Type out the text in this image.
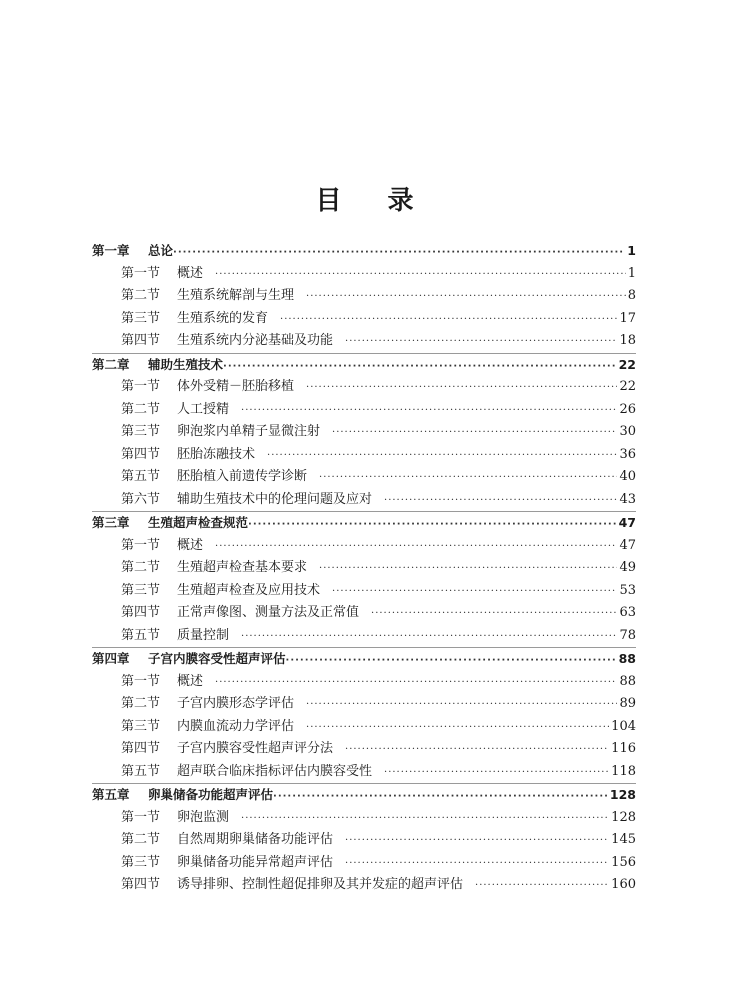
目 录
第一章	总论 ·····	1
第一节	概述 ·····	1
第二节	生殖系统解剖与生理 ·····	8
第三节	生殖系统的发育 ·····	17
第四节	生殖系统内分泌基础及功能 ·····	18
第二章	辅助生殖技术 ·····	22
第一节	体外受精－胚胎移植 ·····	22
第二节	人工授精 ·····	26
第三节	卵泡浆内单精子显微注射 ·····	30
第四节	胚胎冻融技术 ·····	36
第五节	胚胎植入前遗传学诊断 ·····	40
第六节	辅助生殖技术中的伦理问题及应对 ·····	43
第三章	生殖超声检查规范 ·····	47
第一节	概述 ·····	47
第二节	生殖超声检查基本要求 ·····	49
第三节	生殖超声检查及应用技术 ·····	53
第四节	正常声像图、测量方法及正常值 ·····	63
第五节	质量控制 ·····	78
第四章	子宫内膜容受性超声评估 ·····	88
第一节	概述 ·····	88
第二节	子宫内膜形态学评估 ·····	89
第三节	内膜血流动力学评估 ·····	104
第四节	子宫内膜容受性超声评分法 ·····	116
第五节	超声联合临床指标评估内膜容受性 ·····	118
第五章	卵巢储备功能超声评估 ·····	128
第一节	卵泡监测 ·····	128
第二节	自然周期卵巢储备功能评估 ·····	145
第三节	卵巢储备功能异常超声评估 ·····	156
第四节	诱导排卵、控制性超促排卵及其并发症的超声评估 ·····	160
